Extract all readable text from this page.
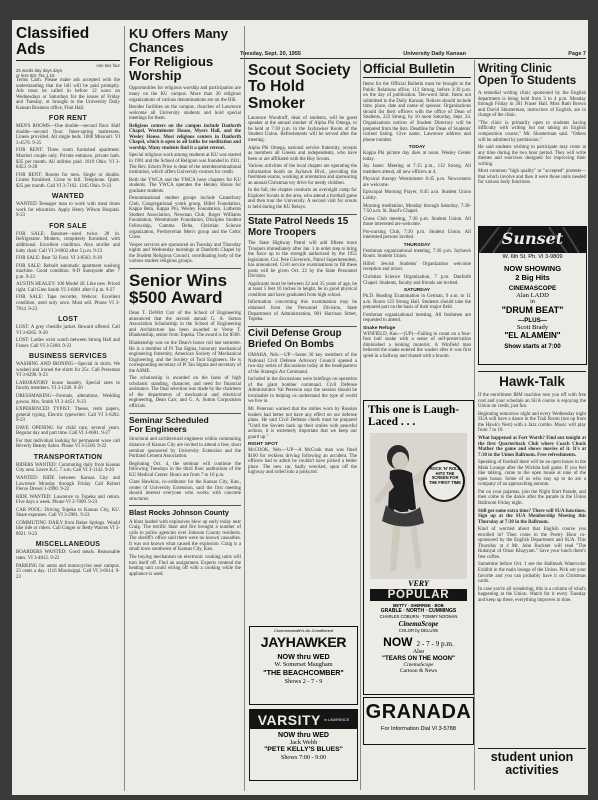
Tuesday, Sept. 20, 1955	University Daily Kansan	Page 7
Classified Ads
one two four
25 words day days days
or less 50c 75c 1.15

Terms Cash. Please make ads accepted with the understanding that the bill will be paid promptly. Ads must be called in before 12 noon on Wednesdays or Saturdays for the issues of Friday and Tuesday, or brought to the University Daily Kansan Business office, Flint Hall.

FOR RENT

MEN'S ROOMS—One double—second floor. Half double—second floor. Inner-spring mattresses. Linens provided. All single beds. 1000 Missouri. VI 3-4576. 9-25

FOR RENT: Three room furnished apartment. Married couple only. Private entrance, private bath. $35 per month. All utilities paid. 1019 Ohio. VI 3-8453. 9-28

FOR RENT: Rooms for men. Single or double. Linens furnished. Close to hill. Telephone. Quiet. $25 per month. Call VI 3-7162. 1245 Ohio. 9-23

WANTED

WANTED Teenager man to work with meal times work for education. Apply Henry Wilson Hospital. 9-23

FOR SALE

FOR SALE: Bassinet—used twice. 28 in. Refrigerator. Modern, completely furnished, with additional. Excellent condition. Also stroller and baby chair. Call VI 3-6602 after 5 p.m. 9-23

FOR SALE: Beat '32 Ford. VI 3-8563. 9-20

FOR SALE: Rebuilt automatic apartment washing machine. Good condition. 8-D Sunnyside after 7 p.m. 9-23

AUSTIN HEALEY: 100 Model 20. Like new. Priced right. Call Glen Smith VI 3-6001 after 6 p.m. 9-27

FOR SALE: Tape recorder, Webcor. Excellent condition, used only once. Must sell. Phone VI 3-7814. 9-23

LOST

LOST: A grey chenille jacket. Reward offered. Call VI 3-6265. 9-20

LOST: Ladies wrist watch between Strong Hall and Fraser. Call VI 3-5180. 9-23

BUSINESS SERVICES

WASHING AND IRONING—Special in shirts. We washed and ironed the shirts for 25c. Call Pressman VI 3-6290. 9-23

LABORATORY house laundry. Special rates to faculty members. VI 3-1246. 9-20

DRESSMAKING—Formals, alterations. Wedding gowns. Mrs. Smith VI 3-4451. 9-23

EXPERIENCED TYPIST: Theses, term papers, general typing. Electric typewriter. Call VI 3-6282. 9-23

DAVE OPENING for child care, several years. Regular day and part time. Call VI 3-6681. 9-27

For that individual looking for permanent wave call Beverly Beauty Salon. Phone VI 3-5560. 9-22

TRANSPORTATION

RIDERS WANTED: Commuting daily from Kansas City area. Leave K.C. 7 a.m. Call VI 3-1142. 9-20

WANTED: RIDE between Kansas City and Lawrence Monday through Friday. Call Robert Pierce Drexel 1-3990. 9-22

RIDE WANTED: Lawrence to Topeka and return. Five days a week. Phone VI 3-7009. 9-23

CAR POOL: Driving Topeka to Kansas City, KU. Share expenses. Call VI 3-2981. 9-23

COMMUTING DAILY from Baker Springs. Would like ride or riders. Call Ginger or Betty Warren VI 3-8921. 9-23

MISCELLANEOUS

BOARDERS WANTED: Good meals. Reasonable rates. VI 3-4812. 9-22

PARKING for autos and motorcycles near campus. 25 cents a day. 1116 Mississippi. Call VI 3-6614. 9-23

KU Offers Many Chances
For Religious Worship

Opportunities for religious worship and participation are many on the KU campus. More than 20 religious organizations of various denominations are on the Hill.

Besides facilities on the campus, churches of Lawrence welcome all University students and hold special meetings for them.

Religious centers on the campus include Danforth Chapel, Westminster House, Myers Hall, and the Wesley House. Most religious centers in Danforth Chapel, which is open to all faiths for meditation and worship. Many students find it a quiet retreat.

Special religious work among students at KU was started in 1901 and the School of Religion was founded in 1921. The Rev. Edwin Price is dean of the interdenominational institution, which offers University courses for credit.

Both the YWCA and the YMCA have chapters for KU students. The YWCA operates the Henley House for graduate students.

Denominational student groups include Canterbury Club, Congregational youth group, Hillel Foundation, Kappa Beta, Kappa Phi, Wesley Foundation, Lutheran Student Association, Newman Club, Roger Williams Foundation, Westminster Foundation, Disciples Student Fellowship, Gamma Delta, Christian Science organization, Presbyterian Men's group and the Celtic Cross.

Vesper services are sponsored on Tuesday and Thursday nights and Wednesday mornings at Danforth Chapel by the Student Religious Council, coordinating body of the various student religious groups.

Senior Wins
$500 Award

Dean T. DeWitt Carr of the School of Engineering announced that the second annual G. A. Sutton Association Scholarship in the School of Engineering and Architecture has been awarded to Verne T. Blankenship, senior from Topeka. The award is for $500.

Blankenship was on the Dean's honor roll last semester. He is a member of Pi Tau Sigma, honorary mechanical engineering fraternity, American Society of Mechanical Engineering, and the Society of Tool Engineers. He is corresponding secretary of Pi Tau Sigma and secretary of the ASME.

The scholarship is awarded on the basis of high scholastic standing, character, and need for financial assistance. The final selection was made by the chairmen of the departments of mechanical and electrical engineering, Dean Carr, and G. A. Sutton Corporation officials.

Seminar Scheduled
For Engineers

Structural and architectural engineers within commuting distance of Kansas City are invited to attend a free, short seminar sponsored by University Extension and the Portland Cement Association.

Beginning Oct. 4, the seminar will continue the following Tuesdays in the third floor auditorium of the KU Medical Center. Hours are from 7 to 10 p.m.

Clare Hawkins, co-ordinator for the Kansas City, Kan., center of University Extension, said the first meeting should interest everyone who works with concrete structures.

Blast Rocks Johnson County

A blast loaded with explosives blew up early today near Craig. The terrific blast and fire brought a number of calls to police agencies over Johnson County residents. The sheriff's office said there were no known casualties. It was not known what caused the explosion. Craig is a small town southwest of Kansas City, Kan.

The buying mechanism on electronic cooking units will turn itself off. Find an assignment. Experts contend the heating unit could wiring off with a cooking while the appliance is used.

Scout Society To Hold Smoker

Laurence Woodruff, dean of students, will be guest speaker at the annual smoker of Alpha Phi Omega, to be held at 7:30 p.m. in the Jayhawker Room of the Student Union. Refreshments will be served after the meeting.

Alpha Phi Omega, national service fraternity, accepts as members all Greeks and independents, who have been or are affiliated with the Boy Scouts.

Various activities of the local chapter are operating the information booth on Jayhawk Blvd., providing the freshmen exams, working at orientation and sponsoring an annual Christmas toy drive for needy children.

In the fall, the chapter conducts an overnight camp for Explorer Scouts in the area, who attend a football game and then tour the University. A second visit for scouts is held during the KU Relays.

State Patrol Needs 15 More Troopers

The State Highway Patrol will add fifteen more Troopers immediately after Jan. 1 in order step to bring the force up to the strength authorized by the 1955 legislature, Col. Pete Glovereck, Patrol Superintendent, has announced. Civil service examinations to fill these posts will be given Oct. 22 by the State Personnel Division.

Applicants must be between 22 and 35 years of age, be at least 5 feet 10 inches in height, be in good physical condition and have graduated from high school.

Information concerning this examination may be obtained from the Personnel Division, State Department of Administration, 801 Harrison Street, Topeka.

Civil Defense Group Briefed On Bombs

OMAHA, Neb.—UP—Some 30 key members of the National Civil Defense Advisory Council opened a two-day series of discussions today at the headquarters of the Strategic Air Command.

Included in the discussions were briefings on operation of the giant bomber command. Civil Defense Administrator Val Peterson says the session should be invaluable in helping us understand the type of world we live in.

Mr. Peterson warned that the smiles worn by Russian leaders had better not have any effect on our defense plans. He said Civil Defense chiefs must be prepared "Until the Soviets back up their smiles with peaceful actions, it is extremely important that we keep our guard up."

RIGHT SPOT

McCOOK, Neb.—UP—A McCook man was fined $100 for reckless driving following an accident. The officers had to admit he couldn't have picked a better place. The new car, badly wrecked, spun off the highway and rolled into a junkyard.

Commonwealth's Air-Conditioned
JAYHAWKER
NOW thru WED
W. Somerset Maugham
"THE BEACHCOMBER"
Shows 2 - 7 - 9
VARSITY in LAWRENCE
NOW thru WED
Jack Webb
"PETE KELLY'S BLUES"
Shows 7:00 - 9:00
Official Bulletin

Items for the Official Bulletin must be brought to the Public Relations office, 112 Strong, before 3:30 p.m. on the day of publication. Ten-word limit. Items not submitted to the Daily Kansan. Notices should include time, place, date and name of sponsor. Organizations should list their officers with the office of Dean of Students, 223 Strong, by 10 noon Saturday, Sept. 24. Organizations notices of Student Directory will be prepared from the lists. Deadline for Dean of Students' current listing. Give name, Lawrence address and phone number.

TODAY

Kappa Phi picture day dues at noon. Wesley Center today.

Jay Janes: Meeting at 7:15 p.m., 112 Strong. All members attend, all new officers at 4.

Physical therapy Westminster 8:45 p.m. Newcomers are welcome.

Episcopal Morning Prayer, 6:45 a.m. Student Union Lobby.

Morning meditation, Monday through Saturday, 7:30-7:50 a.m. St. Basil's Chapel.

Chess Club meeting, 7:30 p.m. Student Union. All those interested are welcome.

Pre-nursing Club, 7:30 p.m. Student Union. All interested persons invited.

THURSDAY

Freshman organizational meeting, 7:30 p.m. Jayhawk Room. Student Union.

Hillel: Jewish Students' Organization welcome reception and mixer.

Christian Science Organization, 7 p.m. Danforth Chapel. Students, faculty and friends are invited.

SATURDAY

Ph.D. Reading Examination in German, 9 a.m. to 11 a.m. Room 123 Strong Hall. Students should take the prepared part on the basis of their major field.

Freshman organizational meeting. All freshmen are requested to attend.

Snake Refuge

WINFIELD, Kan.—(UP)—Failing to count on a four-foot bull snake with a sense of self-preservation diminished a looking motorist. A Winfield man believed the snake entered the washer after it was first spied in a hallway and chased with a broom.

This one is Laugh-Laced . . .
ROCK 'N' ROLL HITS THE SCREEN FOR THE FIRST TIME
VERY
POPULAR
BETTY · SHERREE · BOB
GRABLE · NORTH · CUMMINGS
CHARLES COBURN · TOMMY NOONAN
CinemaScope
COLOR by DELUXE
NOW 2 - 7 - 9 p.m.
Also
"TEARS ON THE MOON"
CinemaScope
Cartoon & News
GRANADA
For Information Dial VI 3-5788
Writing Clinic
Open To Students

A remedial writing clinic sponsored by the English department is being held from 3 to 4 p.m. Monday through Friday in 301 Fraser Hall. Miss Ruth Brown and David Shusterman, instructors of English, are in charge of the clinic.

"The clinic is primarily open to students having difficulty with writing but not taking an English composition course," Mr. Shusterman said. "Others will be admitted by permission."

He said students wishing to participate may come at any time during the two hour period. They will write themes and exercises designed for improving their writing.

Most common "high quality" or "accepted" protests—that which involve and then it were those units needed for various body functions.

Sunset
W. 6th St. Ph. VI 3-9809
NOW SHOWING
2 Big Hits
CINEMASCOPE
Alan LADD
in
"DRUM BEAT"
—PLUS—
Scott Brady
"EL ALAMEIN"
Show starts at 7:00
Hawk-Talk

If the enrollment IBM machine tore you off with free cost and your schedule an SUA course is enjoying the Union on credit, just fun.

Beginning tomorrow night and every Wednesday night SUA will have a dance in the Trail Room (not up from the Hawk's Nest) with a Jazz combo. Music will play from 7 to 10.

What happened at Fort Worth? Find out tonight at the first Quarterback Club where Coach Chuck Mather the game and shows movies of it. It's at 7:30 in the Union Ballroom. Free refreshments.

Speaking of football there will be an open house in the Main Lounge after the Wichita ball game. If you feel like talking, come to the open house at nine of the open house. Some of us who stay up to do are a company of an approaching autumn.

Put on your pajamas, join the Night Shirt Parade, and then come to the dance after the parade in the Union Ballroom Friday night.

Still got some extra time? There will SUA functions. Sign up at the SUA Membership Meeting this Thursday at 7:30 in the Ballroom.

Kind of worried about that English course you enrolled in? Then come to the Poetry Hour co-sponsored by the English Department and SUA. This Thursday at 4 Mr. John Buckner will read "The Rubaiyat of Omar Khayyam." Save your lunch there's free coffee.

Sometime before Oct. 1 see the Hallmark Watercolor Exhibit in the main lounge of the Union. Pick out your favorite and you can probably have it on Christmas cards.

In case you're all wondering, this is a column of what's happening at the Union. Watch for it every Tuesday and keep up there, everything improves in time.

student union activities
